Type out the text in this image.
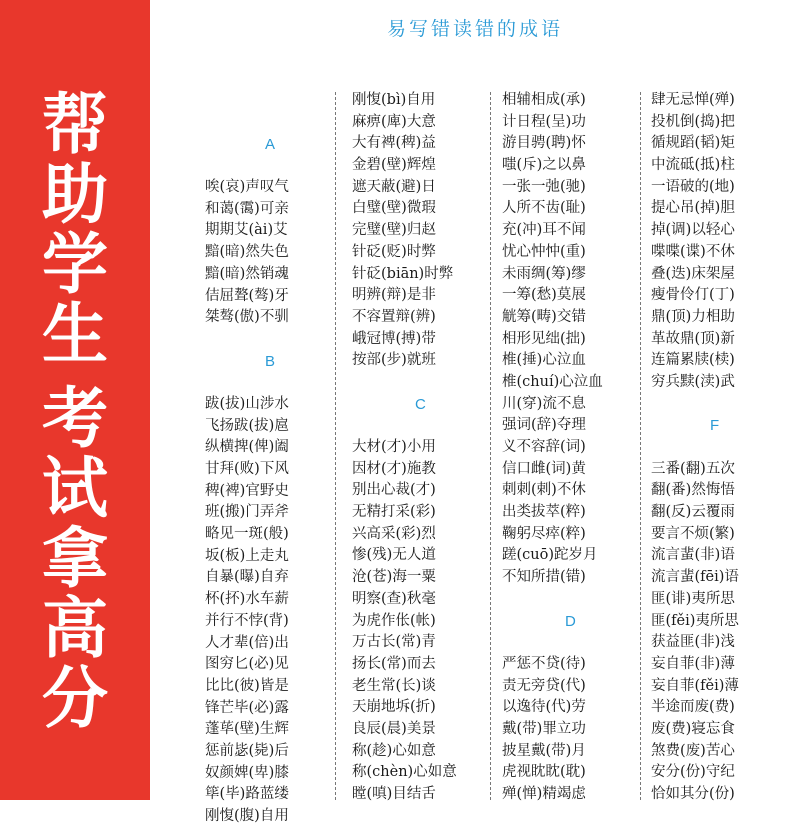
帮助学生
考试拿高分
易写错读错的成语
A
唉(哀)声叹气
和蔼(霭)可亲
期期艾(ài)艾
黯(暗)然失色
黯(暗)然销魂
佶屈聱(骜)牙
桀骜(傲)不驯
B
跋(拔)山涉水
飞扬跋(拔)扈
纵横捭(俾)阖
甘拜(败)下风
稗(裨)官野史
班(搬)门弄斧
略见一斑(般)
坂(板)上走丸
自暴(曝)自弃
杯(抔)水车薪
并行不悖(背)
人才辈(倍)出
图穷匕(必)见
比比(彼)皆是
锋芒毕(必)露
蓬荜(壁)生辉
惩前毖(毙)后
奴颜婢(卑)膝
筚(毕)路蓝缕
刚愎(腹)自用
刚愎(bì)自用
麻痹(庳)大意
大有裨(稗)益
金碧(壁)辉煌
遮天蔽(避)日
白璧(壁)微瑕
完璧(壁)归赵
针砭(贬)时弊
针砭(biān)时弊
明辨(辩)是非
不容置辩(辨)
峨冠博(搏)带
按部(步)就班
C
大材(才)小用
因材(才)施教
别出心裁(才)
无精打采(彩)
兴高采(彩)烈
惨(残)无人道
沧(苍)海一粟
明察(查)秋毫
为虎作伥(帐)
万古长(常)青
扬长(常)而去
老生常(长)谈
天崩地坼(折)
良辰(晨)美景
称(趁)心如意
称(chèn)心如意
瞠(嗔)目结舌
相辅相成(承)
计日程(呈)功
游目骋(聘)怀
嗤(斥)之以鼻
一张一弛(驰)
人所不齿(耻)
充(冲)耳不闻
忧心忡忡(重)
未雨绸(筹)缪
一筹(愁)莫展
觥筹(畴)交错
相形见绌(拙)
椎(捶)心泣血
椎(chuí)心泣血
川(穿)流不息
强词(辞)夺理
义不容辞(词)
信口雌(词)黄
刺刺(剌)不休
出类拔萃(粹)
鞠躬尽瘁(粹)
蹉(cuō)跎岁月
不知所措(错)
D
严惩不贷(待)
责无旁贷(代)
以逸待(代)劳
戴(带)罪立功
披星戴(带)月
虎视眈眈(耽)
殚(惮)精竭虑
肆无忌惮(殚)
投机倒(捣)把
循规蹈(韬)矩
中流砥(抵)柱
一语破的(地)
提心吊(掉)胆
掉(调)以轻心
喋喋(谍)不休
叠(迭)床架屋
瘦骨伶仃(丁)
鼎(顶)力相助
革故鼎(顶)新
连篇累牍(椟)
穷兵黩(渎)武
F
三番(翻)五次
翻(番)然悔悟
翻(反)云覆雨
要言不烦(繁)
流言蜚(非)语
流言蜚(fēi)语
匪(诽)夷所思
匪(fěi)夷所思
获益匪(非)浅
妄自菲(非)薄
妄自菲(fěi)薄
半途而废(费)
废(费)寝忘食
煞费(废)苦心
安分(份)守纪
恰如其分(份)
